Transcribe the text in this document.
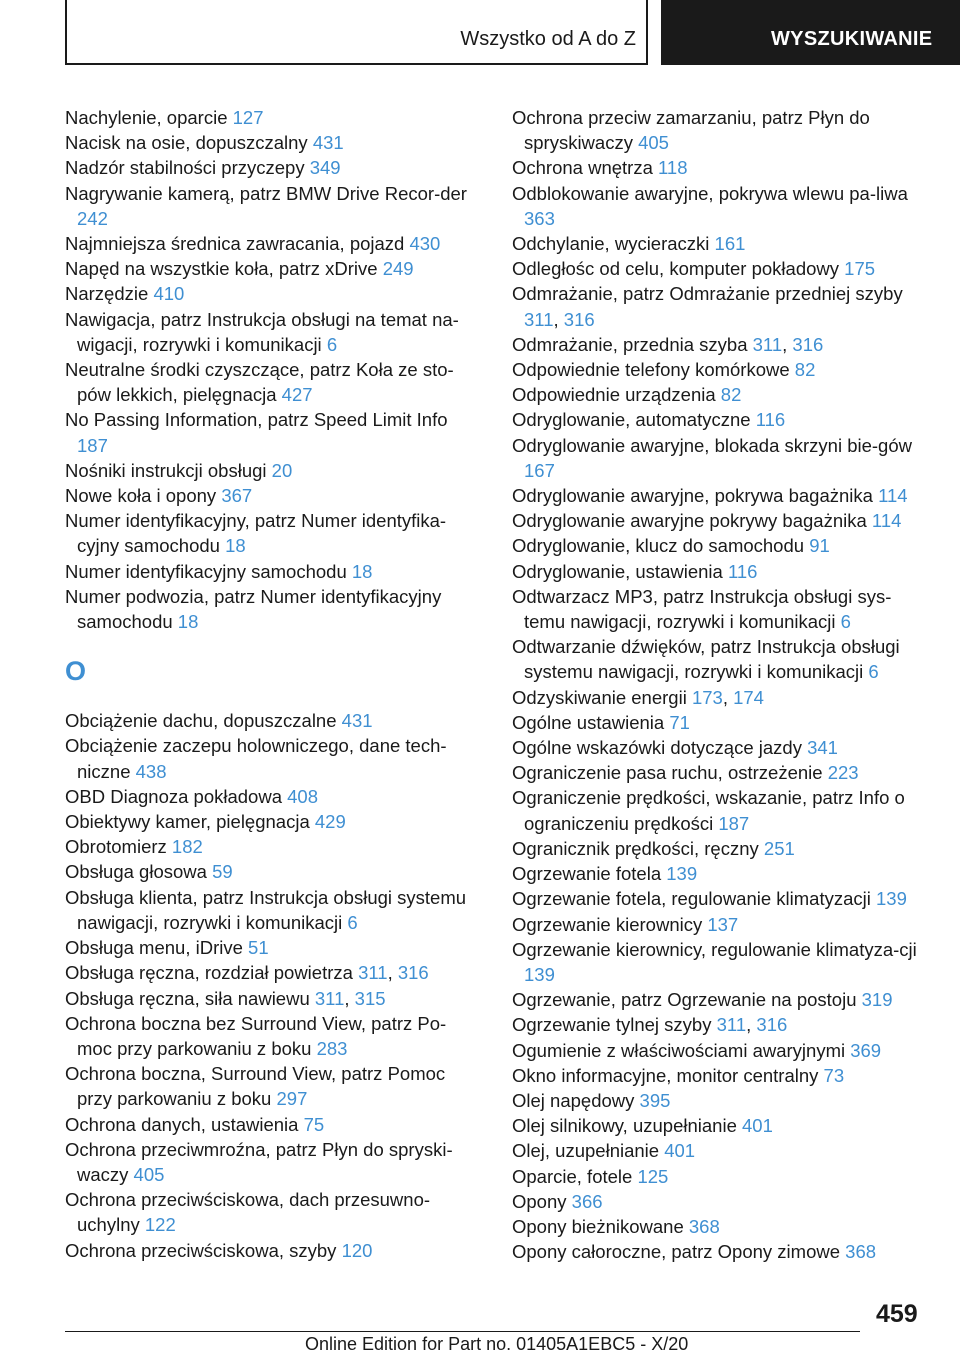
Wszystko od A do Z	WYSZUKIWANIE
Nachylenie, oparcie 127
Nacisk na osie, dopuszczalny 431
Nadzór stabilności przyczepy 349
Nagrywanie kamerą, patrz BMW Drive Recor‐der 242
Najmniejsza średnica zawracania, pojazd 430
Napęd na wszystkie koła, patrz xDrive 249
Narzędzie 410
Nawigacja, patrz Instrukcja obsługi na temat na‐wigacji, rozrywki i komunikacji 6
Neutralne środki czyszczące, patrz Koła ze sto‐pów lekkich, pielęgnacja 427
No Passing Information, patrz Speed Limit Info 187
Nośniki instrukcji obsługi 20
Nowe koła i opony 367
Numer identyfikacyjny, patrz Numer identyfika‐cyjny samochodu 18
Numer identyfikacyjny samochodu 18
Numer podwozia, patrz Numer identyfikacyjny samochodu 18
O
Obciążenie dachu, dopuszczalne 431
Obciążenie zaczepu holowniczego, dane tech‐niczne 438
OBD Diagnoza pokładowa 408
Obiektywy kamer, pielęgnacja 429
Obrotomierz 182
Obsługa głosowa 59
Obsługa klienta, patrz Instrukcja obsługi systemu nawigacji, rozrywki i komunikacji 6
Obsługa menu, iDrive 51
Obsługa ręczna, rozdział powietrza 311, 316
Obsługa ręczna, siła nawiewu 311, 315
Ochrona boczna bez Surround View, patrz Po‐moc przy parkowaniu z boku 283
Ochrona boczna, Surround View, patrz Pomoc przy parkowaniu z boku 297
Ochrona danych, ustawienia 75
Ochrona przeciwmroźna, patrz Płyn do spryski‐waczy 405
Ochrona przeciwściskowa, dach przesuwno‐uchylny 122
Ochrona przeciwściskowa, szyby 120
Ochrona przeciw zamarzaniu, patrz Płyn do spryskiwaczy 405
Ochrona wnętrza 118
Odblokowanie awaryjne, pokrywa wlewu pa‐liwa 363
Odchylanie, wycieraczki 161
Odległośc od celu, komputer pokładowy 175
Odmrażanie, patrz Odmrażanie przedniej szyby 311, 316
Odmrażanie, przednia szyba 311, 316
Odpowiednie telefony komórkowe 82
Odpowiednie urządzenia 82
Odryglowanie, automatyczne 116
Odryglowanie awaryjne, blokada skrzyni bie‐gów 167
Odryglowanie awaryjne, pokrywa bagażnika 114
Odryglowanie awaryjne pokrywy bagażnika 114
Odryglowanie, klucz do samochodu 91
Odryglowanie, ustawienia 116
Odtwarzacz MP3, patrz Instrukcja obsługi sys‐temu nawigacji, rozrywki i komunikacji 6
Odtwarzanie dźwięków, patrz Instrukcja obsługi systemu nawigacji, rozrywki i komunikacji 6
Odzyskiwanie energii 173, 174
Ogólne ustawienia 71
Ogólne wskazówki dotyczące jazdy 341
Ograniczenie pasa ruchu, ostrzeżenie 223
Ograniczenie prędkości, wskazanie, patrz Info o ograniczeniu prędkości 187
Ogranicznik prędkości, ręczny 251
Ogrzewanie fotela 139
Ogrzewanie fotela, regulowanie klimatyzacji 139
Ogrzewanie kierownicy 137
Ogrzewanie kierownicy, regulowanie klimatyza‐cji 139
Ogrzewanie, patrz Ogrzewanie na postoju 319
Ogrzewanie tylnej szyby 311, 316
Ogumienie z właściwościami awaryjnymi 369
Okno informacyjne, monitor centralny 73
Olej napędowy 395
Olej silnikowy, uzupełnianie 401
Olej, uzupełnianie 401
Oparcie, fotele 125
Opony 366
Opony bieżnikowane 368
Opony całoroczne, patrz Opony zimowe 368
459
Online Edition for Part no. 01405A1EBC5 - X/20
